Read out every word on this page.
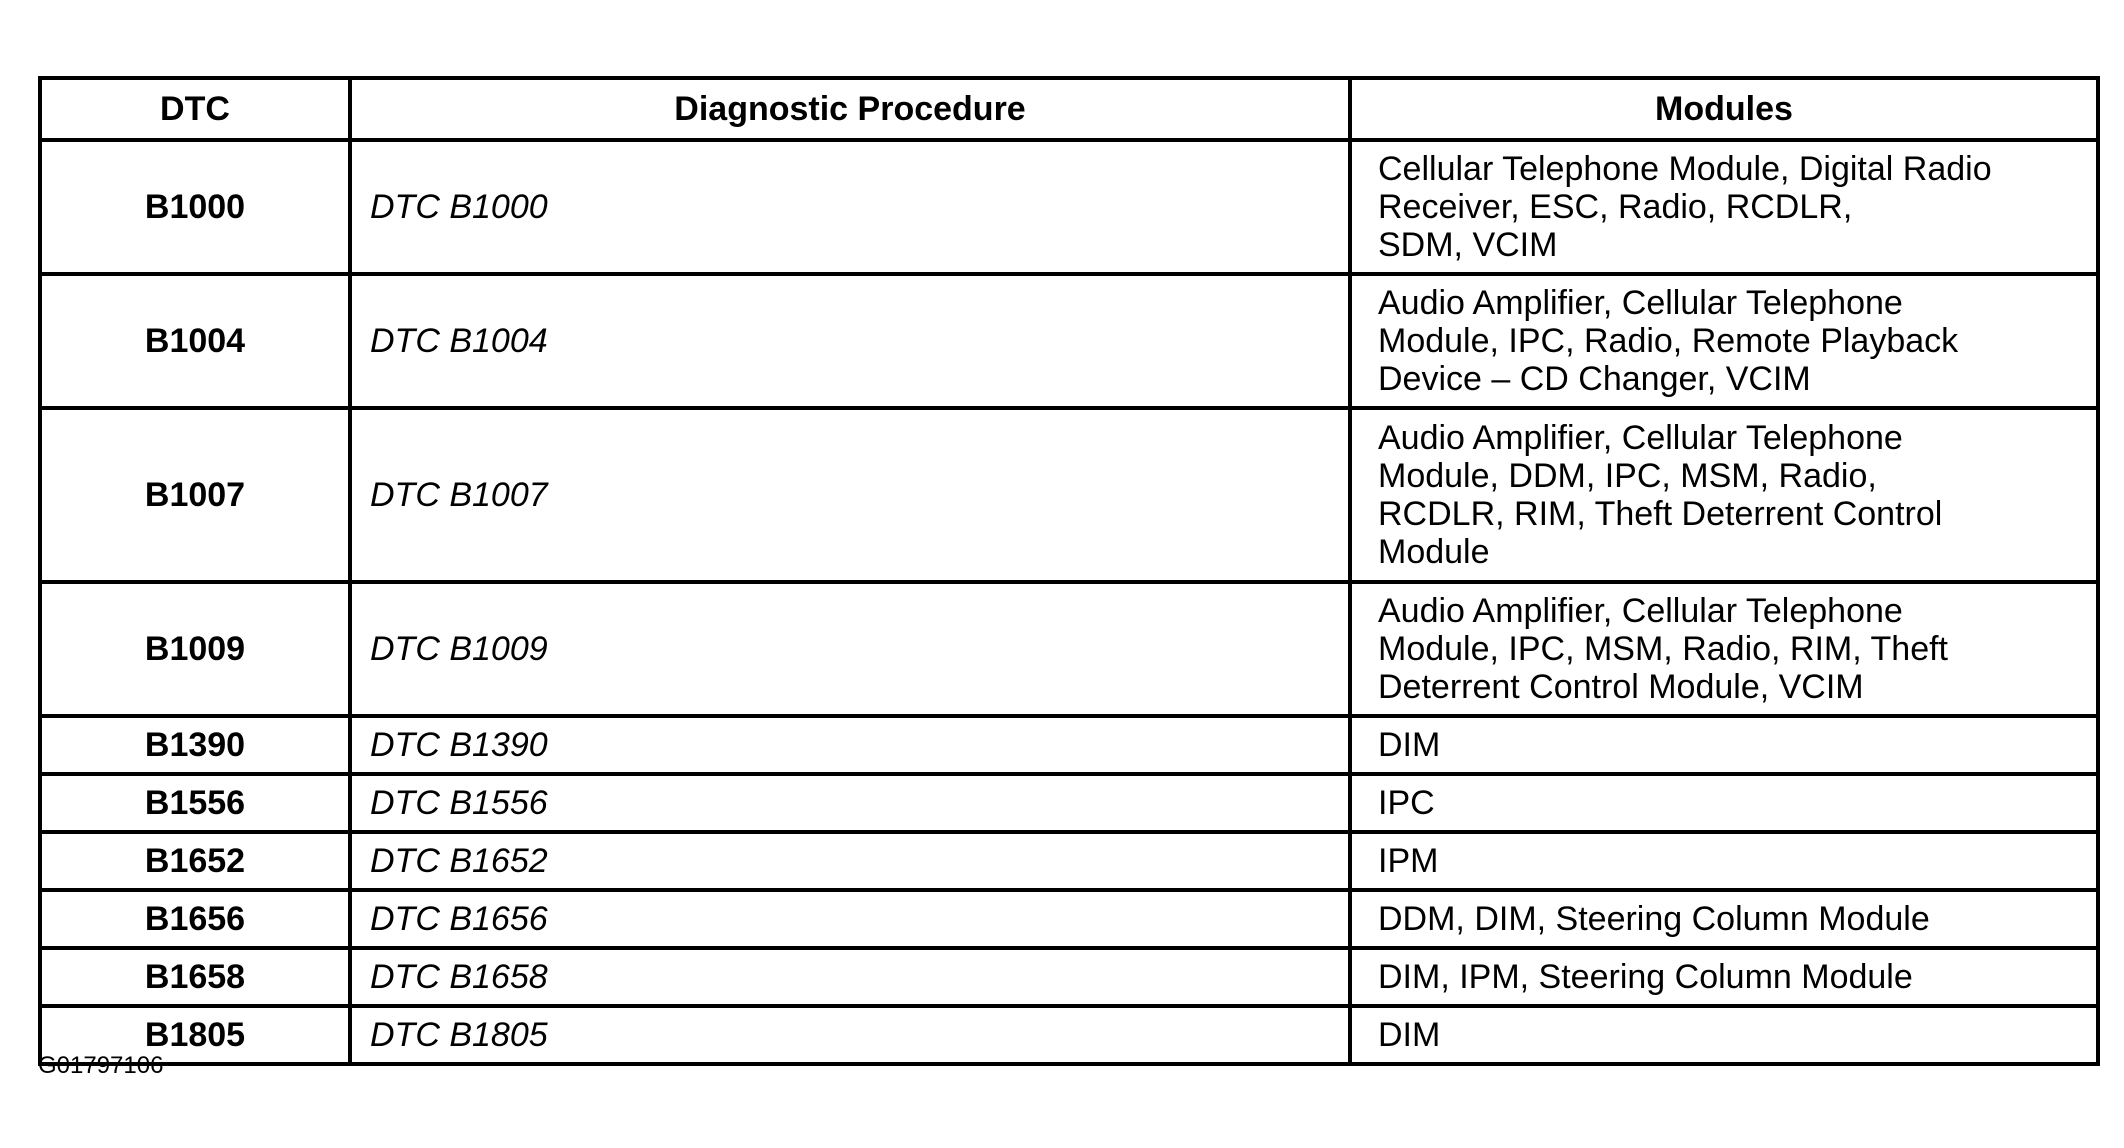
DTC	Diagnostic Procedure	Modules
B1000	DTC B1000	Cellular Telephone Module, Digital Radio
Receiver, ESC, Radio, RCDLR,
SDM, VCIM
B1004	DTC B1004	Audio Amplifier, Cellular Telephone
Module, IPC, Radio, Remote Playback
Device – CD Changer, VCIM
B1007	DTC B1007	Audio Amplifier, Cellular Telephone
Module, DDM, IPC, MSM, Radio,
RCDLR, RIM, Theft Deterrent Control
Module
B1009	DTC B1009	Audio Amplifier, Cellular Telephone
Module, IPC, MSM, Radio, RIM, Theft
Deterrent Control Module, VCIM
B1390	DTC B1390	DIM
B1556	DTC B1556	IPC
B1652	DTC B1652	IPM
B1656	DTC B1656	DDM, DIM, Steering Column Module
B1658	DTC B1658	DIM, IPM, Steering Column Module
B1805	DTC B1805	DIM
G01797106
